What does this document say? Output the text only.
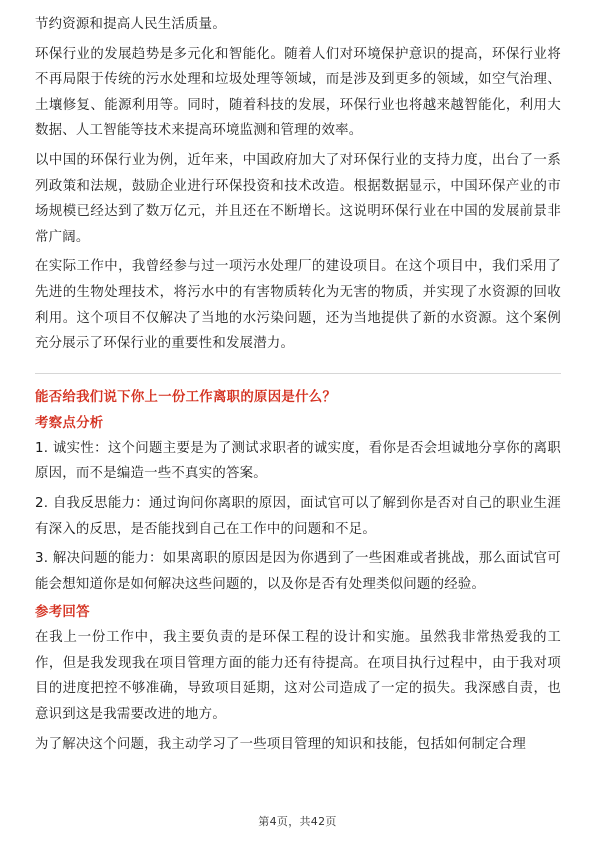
节约资源和提高人民生活质量。

环保行业的发展趋势是多元化和智能化。随着人们对环境保护意识的提高，环保行业将不再局限于传统的污水处理和垃圾处理等领域，而是涉及到更多的领域，如空气治理、土壤修复、能源利用等。同时，随着科技的发展，环保行业也将越来越智能化，利用大数据、人工智能等技术来提高环境监测和管理的效率。

以中国的环保行业为例，近年来，中国政府加大了对环保行业的支持力度，出台了一系列政策和法规，鼓励企业进行环保投资和技术改造。根据数据显示，中国环保产业的市场规模已经达到了数万亿元，并且还在不断增长。这说明环保行业在中国的发展前景非常广阔。

在实际工作中，我曾经参与过一项污水处理厂的建设项目。在这个项目中，我们采用了先进的生物处理技术，将污水中的有害物质转化为无害的物质，并实现了水资源的回收利用。这个项目不仅解决了当地的水污染问题，还为当地提供了新的水资源。这个案例充分展示了环保行业的重要性和发展潜力。

能否给我们说下你上一份工作离职的原因是什么？
考察点分析

1. 诚实性：这个问题主要是为了测试求职者的诚实度，看你是否会坦诚地分享你的离职原因，而不是编造一些不真实的答案。

2. 自我反思能力：通过询问你离职的原因，面试官可以了解到你是否对自己的职业生涯有深入的反思，是否能找到自己在工作中的问题和不足。

3. 解决问题的能力：如果离职的原因是因为你遇到了一些困难或者挑战，那么面试官可能会想知道你是如何解决这些问题的，以及你是否有处理类似问题的经验。

参考回答

在我上一份工作中，我主要负责的是环保工程的设计和实施。虽然我非常热爱我的工作，但是我发现我在项目管理方面的能力还有待提高。在项目执行过程中，由于我对项目的进度把控不够准确，导致项目延期，这对公司造成了一定的损失。我深感自责，也意识到这是我需要改进的地方。

为了解决这个问题，我主动学习了一些项目管理的知识和技能，包括如何制定合理

第4页，共42页
